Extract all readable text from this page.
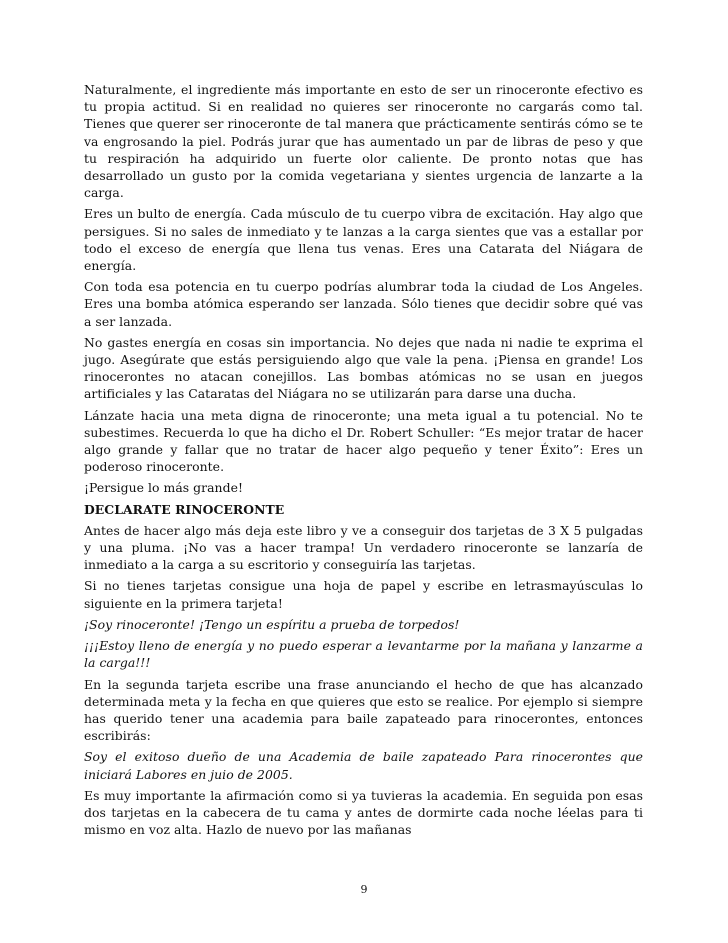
Naturalmente, el ingrediente más importante en esto de ser un rinoceronte efectivo es tu propia actitud. Si en realidad no quieres ser rinoceronte no cargarás como tal. Tienes que querer ser rinoceronte de tal manera que prácticamente sentirás cómo se te va engrosando la piel. Podrás jurar que has aumentado un par de libras de peso y que tu respiración ha adquirido un fuerte olor caliente. De pronto notas que has desarrollado un gusto por la comida vegetariana y sientes urgencia de lanzarte a la carga.

Eres un bulto de energía. Cada músculo de tu cuerpo vibra de excitación. Hay algo que persigues. Si no sales de inmediato y te lanzas a la carga sientes que vas a estallar por todo el exceso de energía que llena tus venas. Eres una Catarata del Niágara de energía.

Con toda esa potencia en tu cuerpo podrías alumbrar toda la ciudad de Los Angeles. Eres una bomba atómica esperando ser lanzada. Sólo tienes que decidir sobre qué vas a ser lanzada.

No gastes energía en cosas sin importancia. No dejes que nada ni nadie te exprima el jugo. Asegúrate que estás persiguiendo algo que vale la pena. ¡Piensa en grande! Los rinocerontes no atacan conejillos. Las bombas atómicas no se usan en juegos artificiales y las Cataratas del Niágara no se utilizarán para darse una ducha.

Lánzate hacia una meta digna de rinoceronte; una meta igual a tu potencial. No te subestimes. Recuerda lo que ha dicho el Dr. Robert Schuller: “Es mejor tratar de hacer algo grande y fallar que no tratar de hacer algo pequeño y tener Éxito”: Eres un poderoso rinoceronte.

¡Persigue lo más grande!

DECLARATE RINOCERONTE

Antes de hacer algo más deja este libro y ve a conseguir dos tarjetas de 3 X 5 pulgadas y una pluma. ¡No vas a hacer trampa! Un verdadero rinoceronte se lanzaría de inmediato a la carga a su escritorio y conseguiría las tarjetas.

Si no tienes tarjetas consigue una hoja de papel y escribe en letrasmayúsculas lo siguiente en la primera tarjeta!

¡Soy rinoceronte! ¡Tengo un espíritu a prueba de torpedos!

¡¡¡Estoy lleno de energía y no puedo esperar a levantarme por la mañana y lanzarme a la carga!!!

En la segunda tarjeta escribe una frase anunciando el hecho de que has alcanzado determinada meta y la fecha en que quieres que esto se realice. Por ejemplo si siempre has querido tener una academia para baile zapateado para rinocerontes, entonces escribirás:

Soy el exitoso dueño de una Academia de baile zapateado Para rinocerontes que iniciará Labores en juio de 2005.

Es muy importante la afirmación como si ya tuvieras la academia. En seguida pon esas dos tarjetas en la cabecera de tu cama y antes de dormirte cada noche léelas para ti mismo en voz alta. Hazlo de nuevo por las mañanas

9
